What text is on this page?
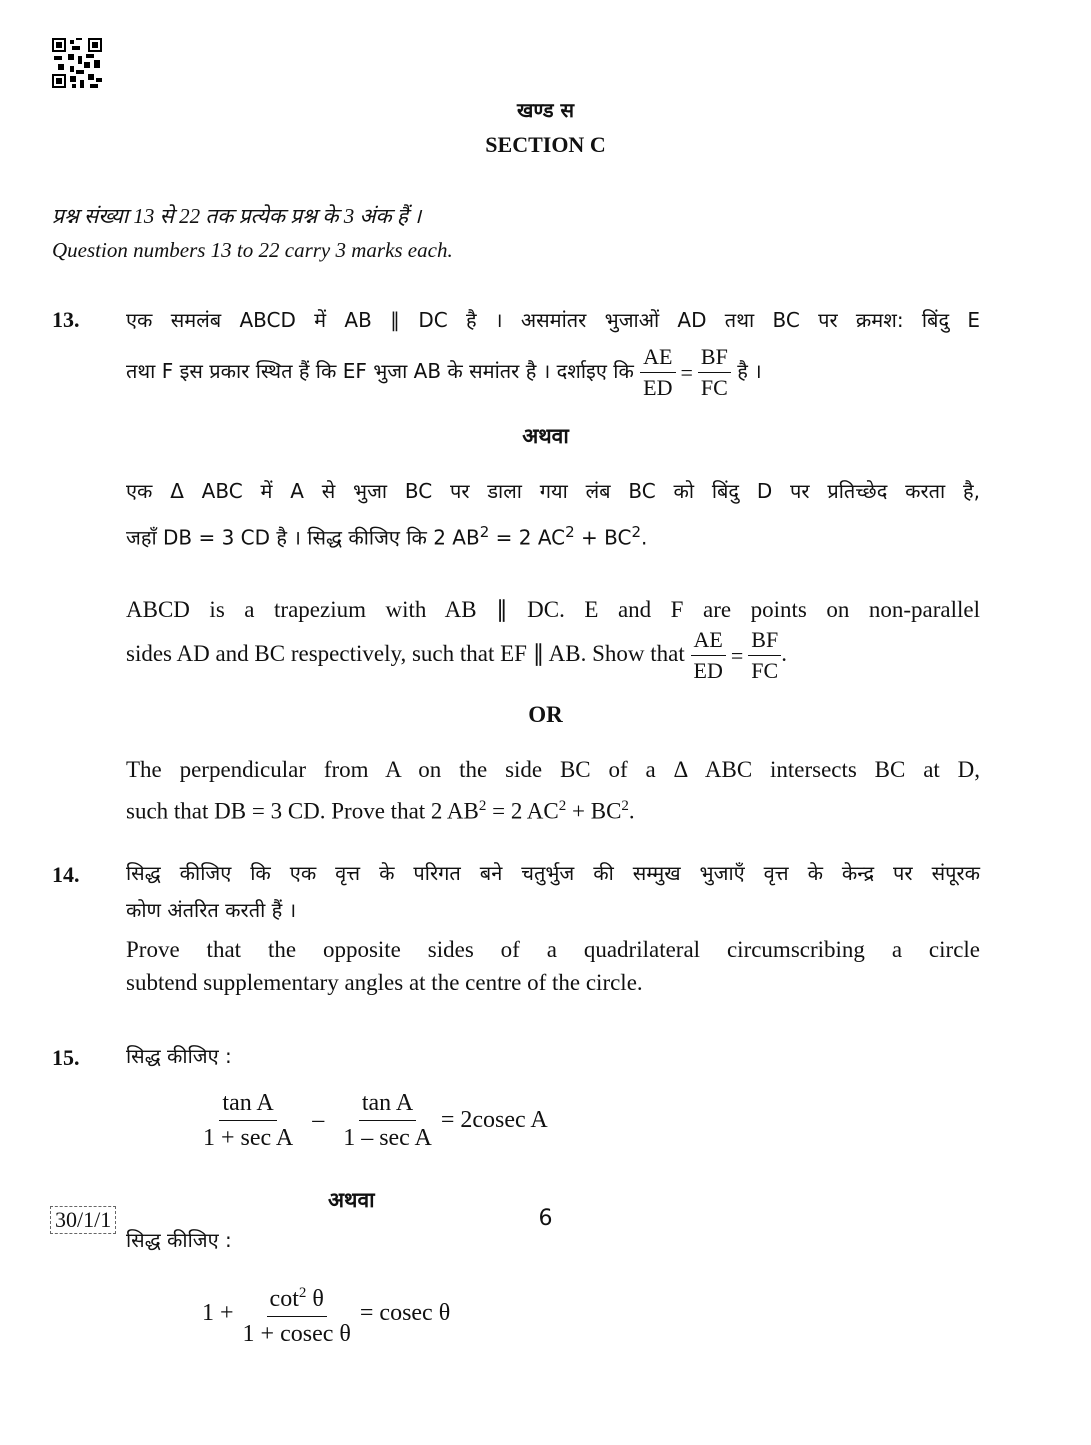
खण्ड स
SECTION C
प्रश्न संख्या 13 से 22 तक प्रत्येक प्रश्न के 3 अंक हैं ।
Question numbers 13 to 22 carry 3 marks each.
13. एक समलंब ABCD में AB ∥ DC है । असमांतर भुजाओं AD तथा BC पर क्रमश: बिंदु E
तथा F इस प्रकार स्थित हैं कि EF भुजा AB के समांतर है । दर्शाइए कि $\frac{AE}{ED} = \frac{BF}{FC}$ है ।
अथवा
एक Δ ABC में A से भुजा BC पर डाला गया लंब BC को बिंदु D पर प्रतिच्छेद करता है,
जहाँ DB = 3 CD है । सिद्ध कीजिए कि 2 $AB^2 = 2$ $AC^2 + BC^2$.
ABCD is a trapezium with AB ∥ DC. E and F are points on non-parallel
sides AD and BC respectively, such that EF ∥ AB. Show that $\frac{AE}{ED} = \frac{BF}{FC}$ .
OR
The perpendicular from A on the side BC of a Δ ABC intersects BC at D,
such that DB = 3 CD. Prove that 2 $AB^2 = 2$ $AC^2 + BC^2$.
14. सिद्ध कीजिए कि एक वृत्त के परिगत बने चतुर्भुज की सम्मुख भुजाएँ वृत्त के केन्द्र पर संपूरक
कोण अंतरित करती हैं ।
Prove that the opposite sides of a quadrilateral circumscribing a circle
subtend supplementary angles at the centre of the circle.
15. सिद्ध कीजिए :
$\frac{\text{tan A}}{\text{1 + sec A}} - \frac{\text{tan A}}{\text{1 – sec A}} = 2cosec$ A
अथवा
सिद्ध कीजिए :
$1 + \frac{\cot^2 \theta}{\text{1 + cosec θ}} = cosec$ θ
30/1/1	6
